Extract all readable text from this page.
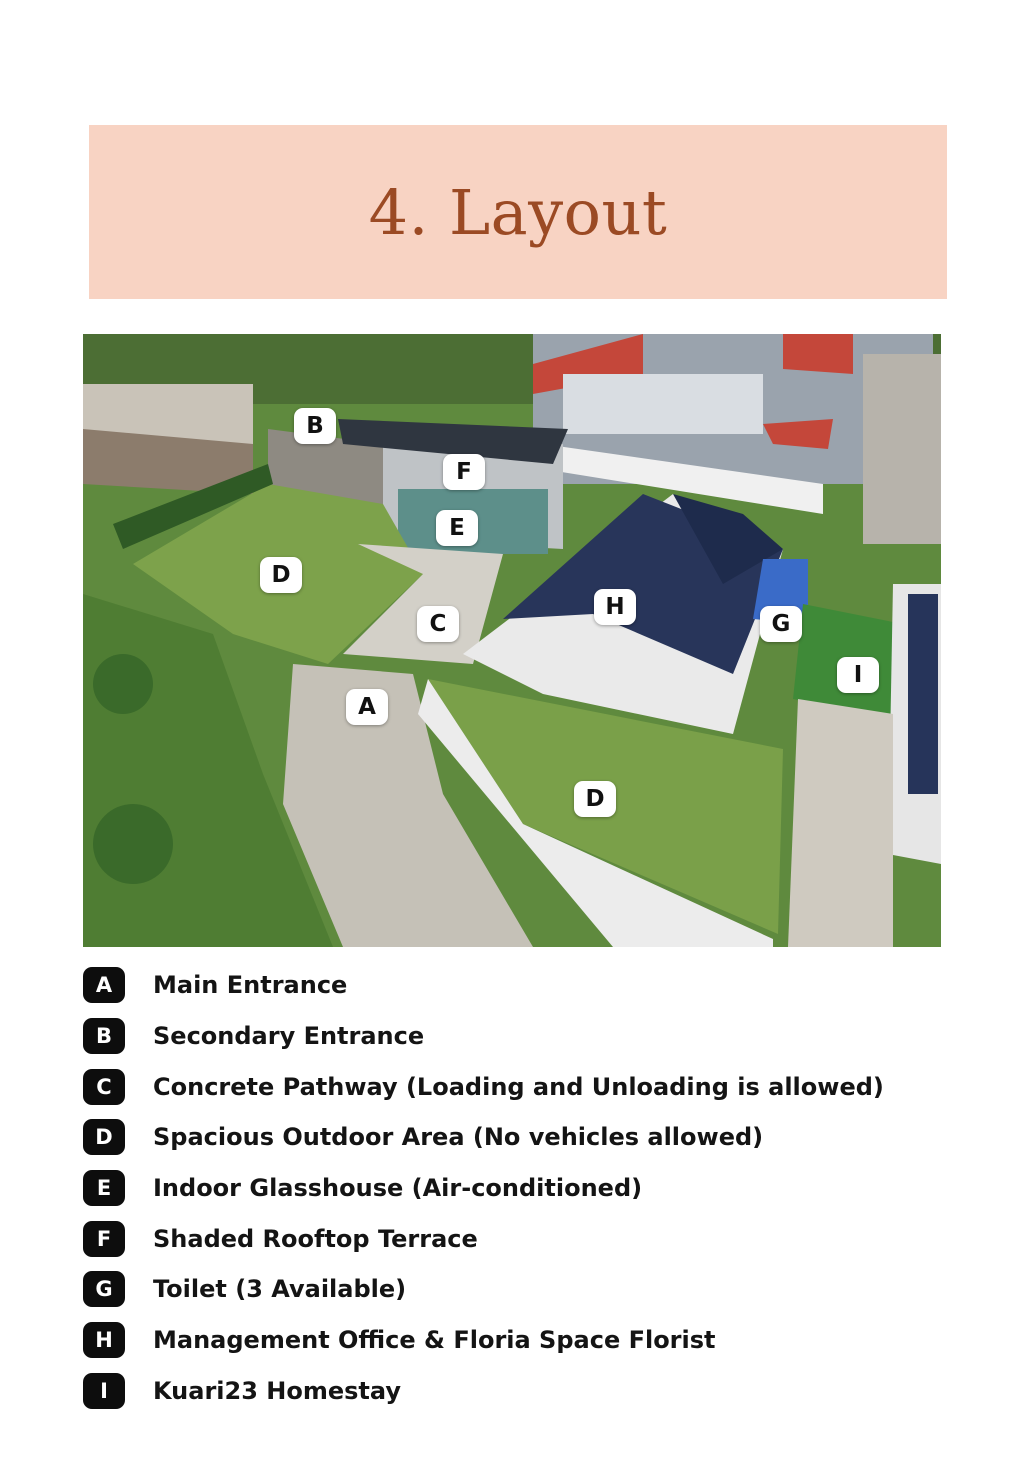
4. Layout
A
B
C
D
D
E
F
G
H
I
A	Main Entrance
B	Secondary Entrance
C	Concrete Pathway (Loading and Unloading is allowed)
D	Spacious Outdoor Area (No vehicles allowed)
E	Indoor Glasshouse (Air-conditioned)
F	Shaded Rooftop Terrace
G	Toilet (3 Available)
H	Management Office & Floria Space Florist
I	Kuari23 Homestay
